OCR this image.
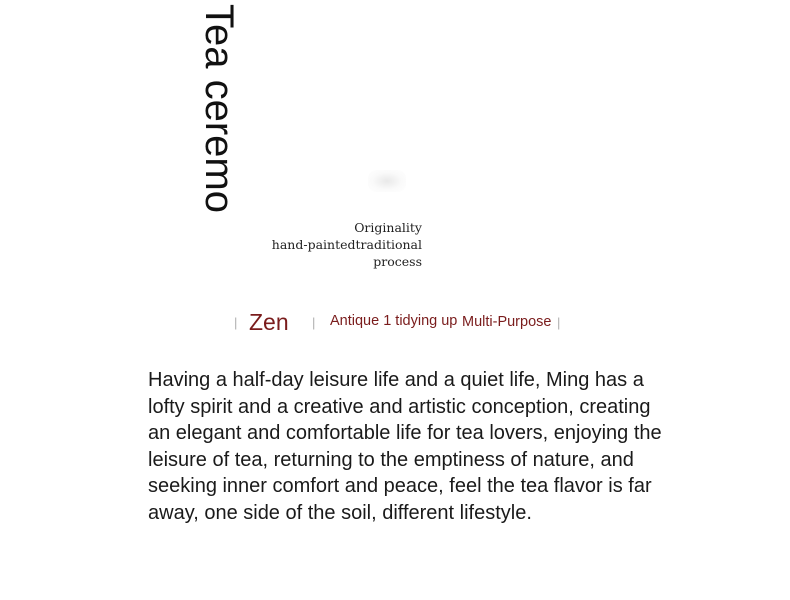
Tea ceremo
Originality
hand-paintedtraditional
process
| Zen | Antique 1 tidying up Multi-Purpose |

Having a half-day leisure life and a quiet life, Ming has a lofty spirit and a creative and artistic conception, creating an elegant and comfortable life for tea lovers, enjoying the leisure of tea, returning to the emptiness of nature, and seeking inner comfort and peace, feel the tea flavor is far away, one side of the soil, different lifestyle.
